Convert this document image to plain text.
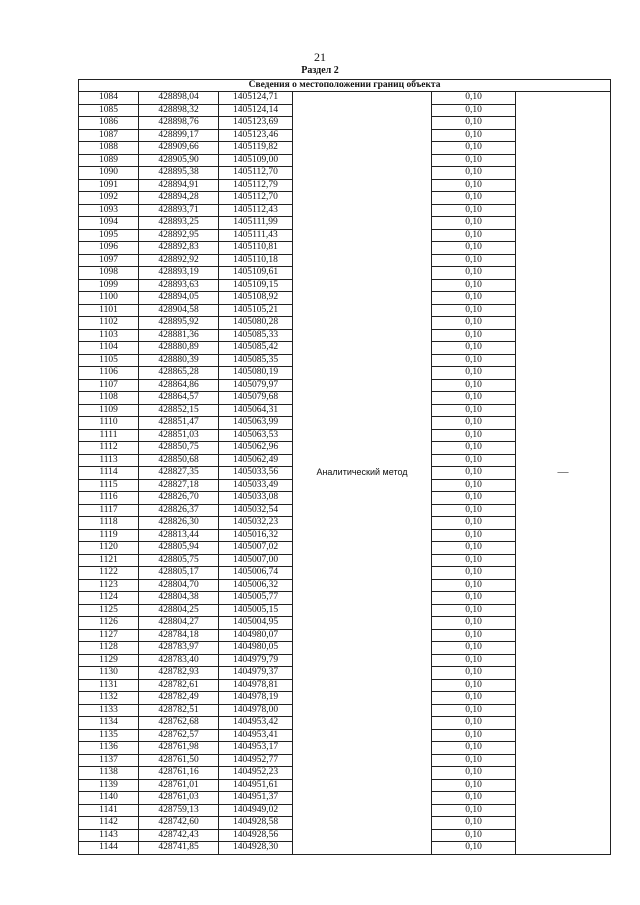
21
Раздел 2
Сведения о местоположении границ объекта					
1084	428898,04	1405124,71	Аналитический метод	0,10	—
1085	428898,32	1405124,14		0,10	
1086	428898,76	1405123,69		0,10	
1087	428899,17	1405123,46		0,10	
1088	428909,66	1405119,82		0,10	
1089	428905,90	1405109,00		0,10	
1090	428895,38	1405112,70		0,10	
1091	428894,91	1405112,79		0,10	
1092	428894,28	1405112,70		0,10	
1093	428893,71	1405112,43		0,10	
1094	428893,25	1405111,99		0,10	
1095	428892,95	1405111,43		0,10	
1096	428892,83	1405110,81		0,10	
1097	428892,92	1405110,18		0,10	
1098	428893,19	1405109,61		0,10	
1099	428893,63	1405109,15		0,10	
1100	428894,05	1405108,92		0,10	
1101	428904,58	1405105,21		0,10	
1102	428895,92	1405080,28		0,10	
1103	428881,36	1405085,33		0,10	
1104	428880,89	1405085,42		0,10	
1105	428880,39	1405085,35		0,10	
1106	428865,28	1405080,19		0,10	
1107	428864,86	1405079,97		0,10	
1108	428864,57	1405079,68		0,10	
1109	428852,15	1405064,31		0,10	
1110	428851,47	1405063,99		0,10	
1111	428851,03	1405063,53		0,10	
1112	428850,75	1405062,96		0,10	
1113	428850,68	1405062,49		0,10	
1114	428827,35	1405033,56		0,10	
1115	428827,18	1405033,49		0,10	
1116	428826,70	1405033,08		0,10	
1117	428826,37	1405032,54		0,10	
1118	428826,30	1405032,23		0,10	
1119	428813,44	1405016,32		0,10	
1120	428805,94	1405007,02		0,10	
1121	428805,75	1405007,00		0,10	
1122	428805,17	1405006,74		0,10	
1123	428804,70	1405006,32		0,10	
1124	428804,38	1405005,77		0,10	
1125	428804,25	1405005,15		0,10	
1126	428804,27	1405004,95		0,10	
1127	428784,18	1404980,07		0,10	
1128	428783,97	1404980,05		0,10	
1129	428783,40	1404979,79		0,10	
1130	428782,93	1404979,37		0,10	
1131	428782,61	1404978,81		0,10	
1132	428782,49	1404978,19		0,10	
1133	428782,51	1404978,00		0,10	
1134	428762,68	1404953,42		0,10	
1135	428762,57	1404953,41		0,10	
1136	428761,98	1404953,17		0,10	
1137	428761,50	1404952,77		0,10	
1138	428761,16	1404952,23		0,10	
1139	428761,01	1404951,61		0,10	
1140	428761,03	1404951,37		0,10	
1141	428759,13	1404949,02		0,10	
1142	428742,60	1404928,58		0,10	
1143	428742,43	1404928,56		0,10	
1144	428741,85	1404928,30		0,10	
